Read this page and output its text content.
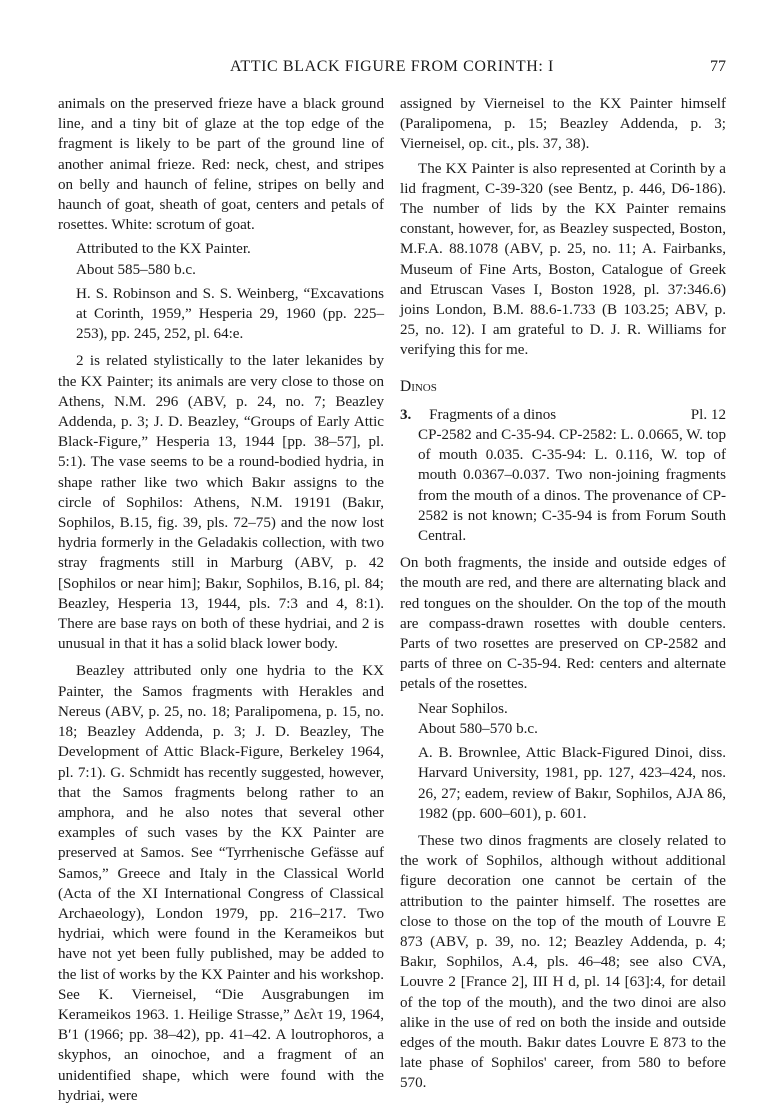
ATTIC BLACK FIGURE FROM CORINTH: I	77

animals on the preserved frieze have a black ground line, and a tiny bit of glaze at the top edge of the fragment is likely to be part of the ground line of another animal frieze. Red: neck, chest, and stripes on belly and haunch of feline, stripes on belly and haunch of goat, sheath of goat, centers and petals of rosettes. White: scrotum of goat.

Attributed to the KX Painter.

About 585–580 b.c.

H. S. Robinson and S. S. Weinberg, “Excavations at Corinth, 1959,” Hesperia 29, 1960 (pp. 225–253), pp. 245, 252, pl. 64:e.

2 is related stylistically to the later lekanides by the KX Painter; its animals are very close to those on Athens, N.M. 296 (ABV, p. 24, no. 7; Beazley Addenda, p. 3; J. D. Beazley, “Groups of Early Attic Black-Figure,” Hesperia 13, 1944 [pp. 38–57], pl. 5:1). The vase seems to be a round-bodied hydria, in shape rather like two which Bakır assigns to the circle of Sophilos: Athens, N.M. 19191 (Bakır, Sophilos, B.15, fig. 39, pls. 72–75) and the now lost hydria formerly in the Geladakis collection, with two stray fragments still in Marburg (ABV, p. 42 [Sophilos or near him]; Bakır, Sophilos, B.16, pl. 84; Beazley, Hesperia 13, 1944, pls. 7:3 and 4, 8:1). There are base rays on both of these hydriai, and 2 is unusual in that it has a solid black lower body.

Beazley attributed only one hydria to the KX Painter, the Samos fragments with Herakles and Nereus (ABV, p. 25, no. 18; Paralipomena, p. 15, no. 18; Beazley Addenda, p. 3; J. D. Beazley, The Development of Attic Black-Figure, Berkeley 1964, pl. 7:1). G. Schmidt has recently suggested, however, that the Samos fragments belong rather to an amphora, and he also notes that several other examples of such vases by the KX Painter are preserved at Samos. See “Tyrrhenische Gefässe auf Samos,” Greece and Italy in the Classical World (Acta of the XI International Congress of Classical Archaeology), London 1979, pp. 216–217. Two hydriai, which were found in the Kerameikos but have not yet been fully published, may be added to the list of works by the KX Painter and his workshop. See K. Vierneisel, “Die Ausgrabungen im Kerameikos 1963. 1. Heilige Strasse,” Δελτ 19, 1964, Bʹ1 (1966; pp. 38–42), pp. 41–42. A loutrophoros, a skyphos, an oinochoe, and a fragment of an unidentified shape, which were found with the hydriai, were

assigned by Vierneisel to the KX Painter himself (Paralipomena, p. 15; Beazley Addenda, p. 3; Vierneisel, op. cit., pls. 37, 38).

The KX Painter is also represented at Corinth by a lid fragment, C-39-320 (see Bentz, p. 446, D6-186). The number of lids by the KX Painter remains constant, however, for, as Beazley suspected, Boston, M.F.A. 88.1078 (ABV, p. 25, no. 11; A. Fairbanks, Museum of Fine Arts, Boston, Catalogue of Greek and Etruscan Vases I, Boston 1928, pl. 37:346.6) joins London, B.M. 88.6-1.733 (B 103.25; ABV, p. 25, no. 12). I am grateful to D. J. R. Williams for verifying this for me.

Dinos

3. Fragments of a dinos	Pl. 12

CP-2582 and C-35-94. CP-2582: L. 0.0665, W. top of mouth 0.035. C-35-94: L. 0.116, W. top of mouth 0.0367–0.037. Two non-joining fragments from the mouth of a dinos. The provenance of CP-2582 is not known; C-35-94 is from Forum South Central.

On both fragments, the inside and outside edges of the mouth are red, and there are alternating black and red tongues on the shoulder. On the top of the mouth are compass-drawn rosettes with double centers. Parts of two rosettes are preserved on CP-2582 and parts of three on C-35-94. Red: centers and alternate petals of the rosettes.

Near Sophilos.

About 580–570 b.c.

A. B. Brownlee, Attic Black-Figured Dinoi, diss. Harvard University, 1981, pp. 127, 423–424, nos. 26, 27; eadem, review of Bakır, Sophilos, AJA 86, 1982 (pp. 600–601), p. 601.

These two dinos fragments are closely related to the work of Sophilos, although without additional figure decoration one cannot be certain of the attribution to the painter himself. The rosettes are close to those on the top of the mouth of Louvre E 873 (ABV, p. 39, no. 12; Beazley Addenda, p. 4; Bakır, Sophilos, A.4, pls. 46–48; see also CVA, Louvre 2 [France 2], III H d, pl. 14 [63]:4, for detail of the top of the mouth), and the two dinoi are also alike in the use of red on both the inside and outside edges of the mouth. Bakır dates Louvre E 873 to the late phase of Sophilos' career, from 580 to before 570.
